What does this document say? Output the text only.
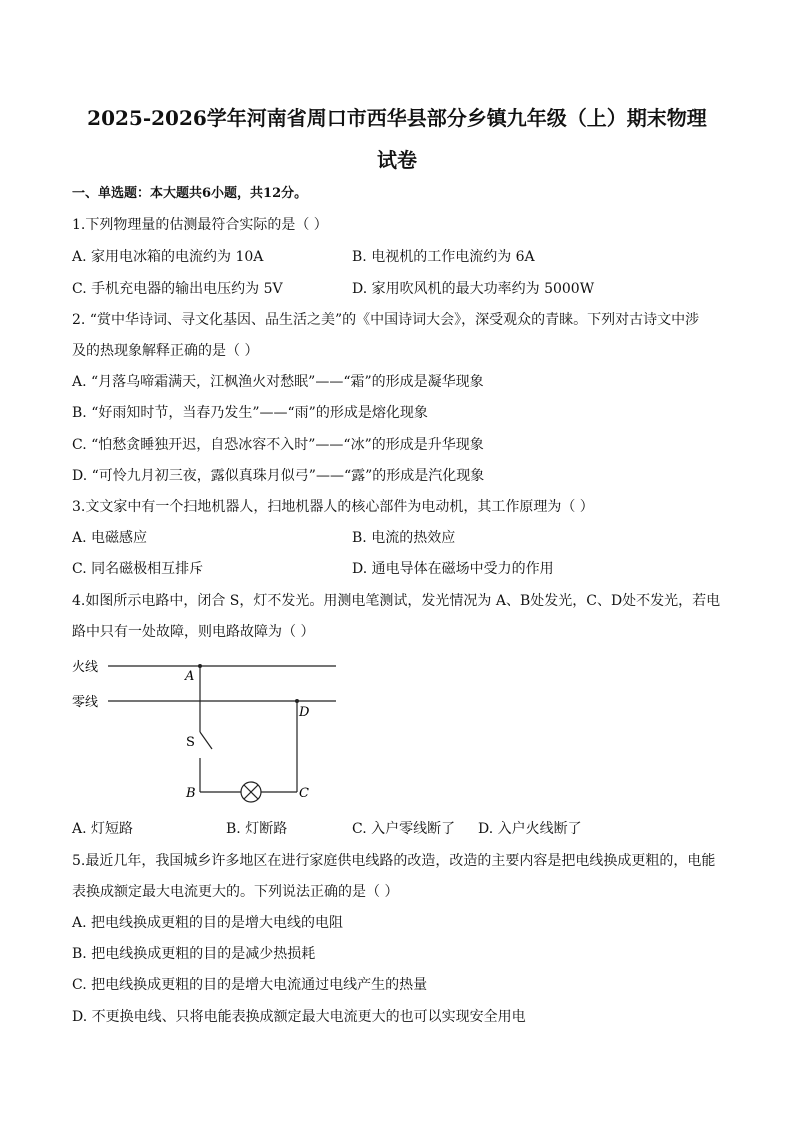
2025-2026学年河南省周口市西华县部分乡镇九年级（上）期末物理
试卷
一、单选题：本大题共6小题，共12分。
1.下列物理量的估测最符合实际的是（ ）
A. 家用电冰箱的电流约为 10A	B. 电视机的工作电流约为 6A
C. 手机充电器的输出电压约为 5V	D. 家用吹风机的最大功率约为 5000W
2. “赏中华诗词、寻文化基因、品生活之美”的《中国诗词大会》，深受观众的青睐。下列对古诗文中涉
及的热现象解释正确的是（ ）
A. “月落乌啼霜满天，江枫渔火对愁眠”——“霜”的形成是凝华现象
B. “好雨知时节，当春乃发生”——“雨”的形成是熔化现象
C. “怕愁贪睡独开迟，自恐冰容不入时”——“冰”的形成是升华现象
D. “可怜九月初三夜，露似真珠月似弓”——“露”的形成是汽化现象
3.文文家中有一个扫地机器人，扫地机器人的核心部件为电动机，其工作原理为（ ）
A. 电磁感应	B. 电流的热效应
C. 同名磁极相互排斥	D. 通电导体在磁场中受力的作用
4.如图所示电路中，闭合 S，灯不发光。用测电笔测试，发光情况为 A、B处发光，C、D处不发光，若电
路中只有一处故障，则电路故障为（ ）
火线
零线
A
D
S
B	C
A. 灯短路	B. 灯断路	C. 入户零线断了 D. 入户火线断了
5.最近几年，我国城乡许多地区在进行家庭供电线路的改造，改造的主要内容是把电线换成更粗的，电能
表换成额定最大电流更大的。下列说法正确的是（ ）
A. 把电线换成更粗的目的是增大电线的电阻
B. 把电线换成更粗的目的是减少热损耗
C. 把电线换成更粗的目的是增大电流通过电线产生的热量
D. 不更换电线、只将电能表换成额定最大电流更大的也可以实现安全用电
